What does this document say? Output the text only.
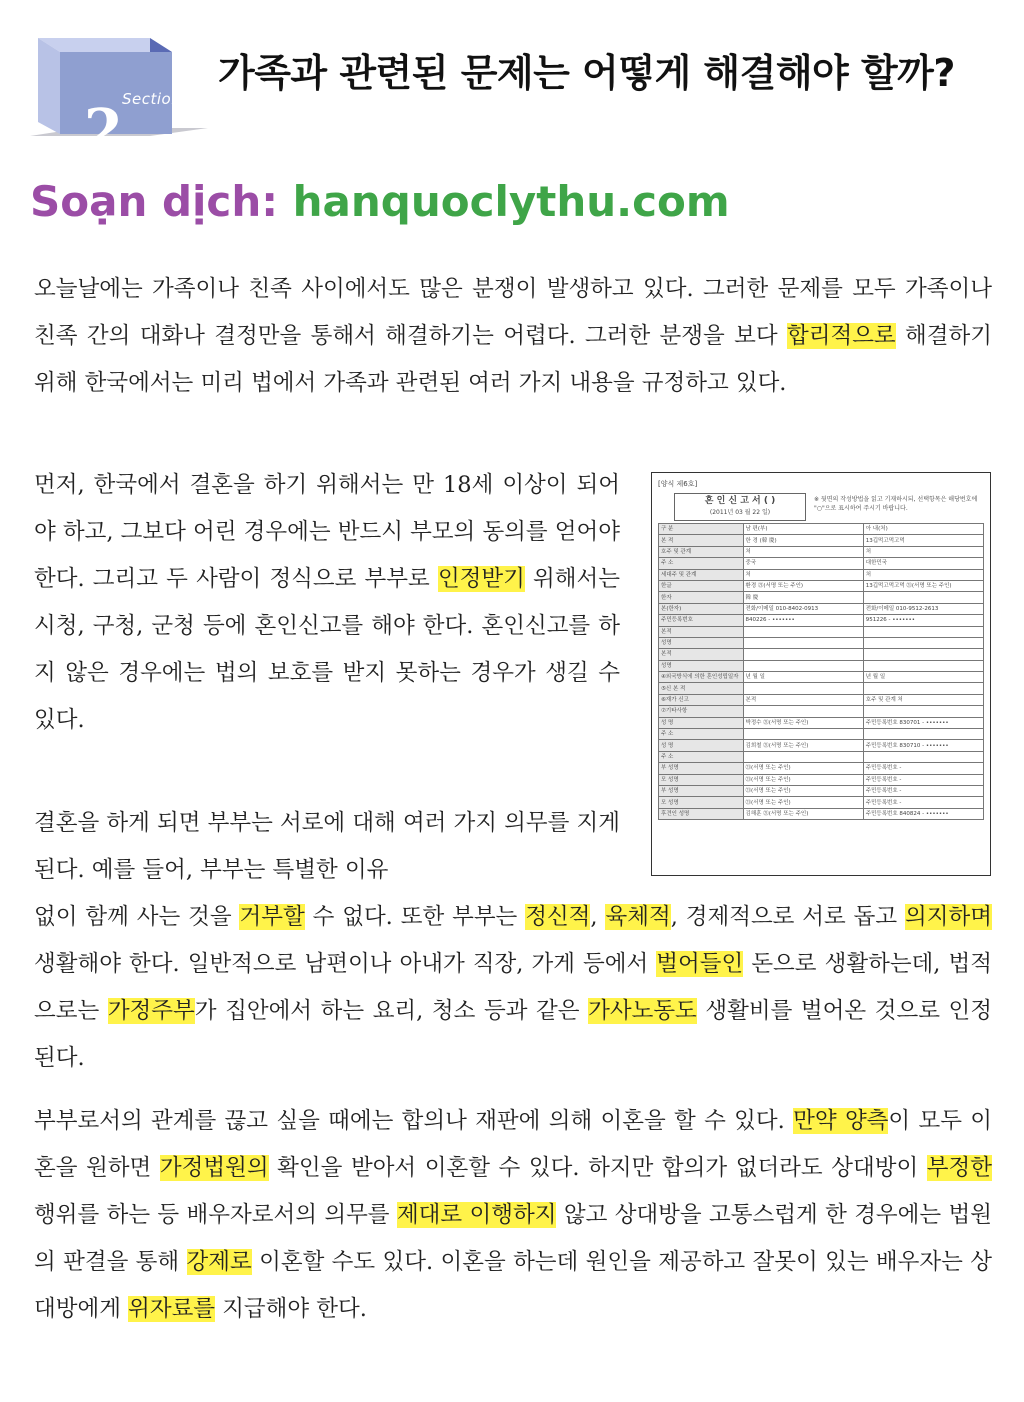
Section
2
가족과 관련된 문제는 어떻게 해결해야 할까?
Soạn dịch: hanquoclythu.com

오늘날에는 가족이나 친족 사이에서도 많은 분쟁이 발생하고 있다. 그러한 문제를 모두 가족이나 친족 간의 대화나 결정만을 통해서 해결하기는 어렵다. 그러한 분쟁을 보다 합리적으로 해결하기 위해 한국에서는 미리 법에서 가족과 관련된 여러 가지 내용을 규정하고 있다.

먼저, 한국에서 결혼을 하기 위해서는 만 18세 이상이 되어야 하고, 그보다 어린 경우에는 반드시 부모의 동의를 얻어야 한다. 그리고 두 사람이 정식으로 부부로 인정받기 위해서는 시청, 구청, 군청 등에 혼인신고를 해야 한다. 혼인신고를 하지 않은 경우에는 법의 보호를 받지 못하는 경우가 생길 수 있다.

결혼을 하게 되면 부부는 서로에 대해 여러 가지 의무를 지게 된다. 예를 들어, 부부는 특별한 이유

없이 함께 사는 것을 거부할 수 없다. 또한 부부는 정신적, 육체적, 경제적으로 서로 돕고 의지하며 생활해야 한다. 일반적으로 남편이나 아내가 직장, 가게 등에서 벌어들인 돈으로 생활하는데, 법적으로는 가정주부가 집안에서 하는 요리, 청소 등과 같은 가사노동도 생활비를 벌어온 것으로 인정된다.

부부로서의 관계를 끊고 싶을 때에는 합의나 재판에 의해 이혼을 할 수 있다. 만약 양측이 모두 이혼을 원하면 가정법원의 확인을 받아서 이혼할 수 있다. 하지만 합의가 없더라도 상대방이 부정한 행위를 하는 등 배우자로서의 의무를 제대로 이행하지 않고 상대방을 고통스럽게 한 경우에는 법원의 판결을 통해 강제로 이혼할 수도 있다. 이혼을 하는데 원인을 제공하고 잘못이 있는 배우자는 상대방에게 위자료를 지급해야 한다.

[양식 제6호]
혼 인 신 고 서 ( )
(2011년 03 월 22 일)
※ 뒷면의 작성방법을 읽고 기재하시되, 선택항목은 해당번호에 "○"으로 표시하여 주시기 바랍니다.
구 분	남 편(부)	아 내(처)
본 적	한 경 (韓 慶)	13깁먹고먹고먹
호주 및 관계	처	처
주 소	중국	대한민국
세대주 및 관계	처	처
한글	환경 ㉑(서명 또는 주인)	13깁먹고먹고먹 ㉑(서명 또는 주인)
한자	韓 慶	
본(한자)	전화/이메일 010-8402-0913	전화/이메일 010-9512-2613
주민등록번호	840226 - •••••••	951226 - •••••••
본적		
성명		
본적		
성명		
④외국방식에 의한 혼인성립일자	년 월 일	년 월 일
⑤신 본 적		
⑥재가 신고	본적	호주 및 관계 처
⑦기타사항		
성 명	박정수 ㉑(서명 또는 주인)	주민등록번호 830701 - •••••••
주 소		
성 명	김희철 ㉑(서명 또는 주인)	주민등록번호 830710 - •••••••
주 소		
부 성명	㉑(서명 또는 주인)	주민등록번호 -
모 성명	㉑(서명 또는 주인)	주민등록번호 -
부 성명	㉑(서명 또는 주인)	주민등록번호 -
모 성명	㉑(서명 또는 주인)	주민등록번호 -
후견인 성명	김해훈 ㉑(서명 또는 주인)	주민등록번호 840824 - •••••••
